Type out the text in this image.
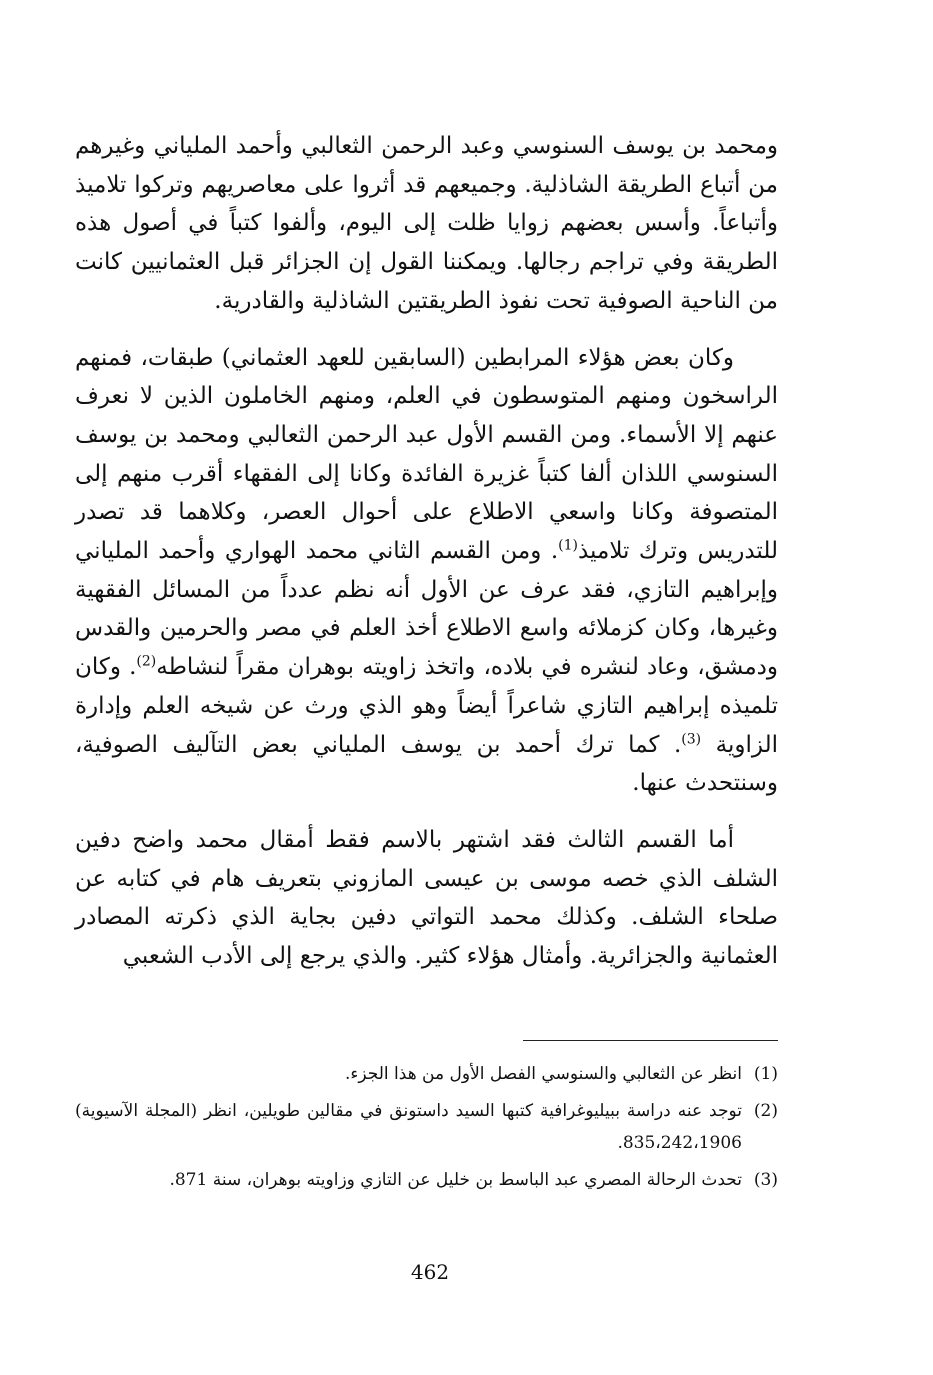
ومحمد بن يوسف السنوسي وعبد الرحمن الثعالبي وأحمد الملياني وغيرهم من أتباع الطريقة الشاذلية. وجميعهم قد أثروا على معاصريهم وتركوا تلاميذ وأتباعاً. وأسس بعضهم زوايا ظلت إلى اليوم، وألفوا كتباً في أصول هذه الطريقة وفي تراجم رجالها. ويمكننا القول إن الجزائر قبل العثمانيين كانت من الناحية الصوفية تحت نفوذ الطريقتين الشاذلية والقادرية.

وكان بعض هؤلاء المرابطين (السابقين للعهد العثماني) طبقات، فمنهم الراسخون ومنهم المتوسطون في العلم، ومنهم الخاملون الذين لا نعرف عنهم إلا الأسماء. ومن القسم الأول عبد الرحمن الثعالبي ومحمد بن يوسف السنوسي اللذان ألفا كتباً غزيرة الفائدة وكانا إلى الفقهاء أقرب منهم إلى المتصوفة وكانا واسعي الاطلاع على أحوال العصر، وكلاهما قد تصدر للتدريس وترك تلاميذ$^{(1)}$. ومن القسم الثاني محمد الهواري وأحمد الملياني وإبراهيم التازي، فقد عرف عن الأول أنه نظم عدداً من المسائل الفقهية وغيرها، وكان كزملائه واسع الاطلاع أخذ العلم في مصر والحرمين والقدس ودمشق، وعاد لنشره في بلاده، واتخذ زاويته بوهران مقراً لنشاطه$^{(2)}$. وكان تلميذه إبراهيم التازي شاعراً أيضاً وهو الذي ورث عن شيخه العلم وإدارة الزاوية $^{(3)}$. كما ترك أحمد بن يوسف الملياني بعض التآليف الصوفية، وسنتحدث عنها.

أما القسم الثالث فقد اشتهر بالاسم فقط أمقال محمد واضح دفين الشلف الذي خصه موسى بن عيسى المازوني بتعريف هام في كتابه عن صلحاء الشلف. وكذلك محمد التواتي دفين بجاية الذي ذكرته المصادر العثمانية والجزائرية. وأمثال هؤلاء كثير. والذي يرجع إلى الأدب الشعبي

(1)
انظر عن الثعالبي والسنوسي الفصل الأول من هذا الجزء.
(2)
توجد عنه دراسة ببيليوغرافية كتبها السيد داستونق في مقالين طويلين، انظر (المجلة الآسيوية) 835،242،1906.
(3)
تحدث الرحالة المصري عبد الباسط بن خليل عن التازي وزاويته بوهران، سنة 871.
462
